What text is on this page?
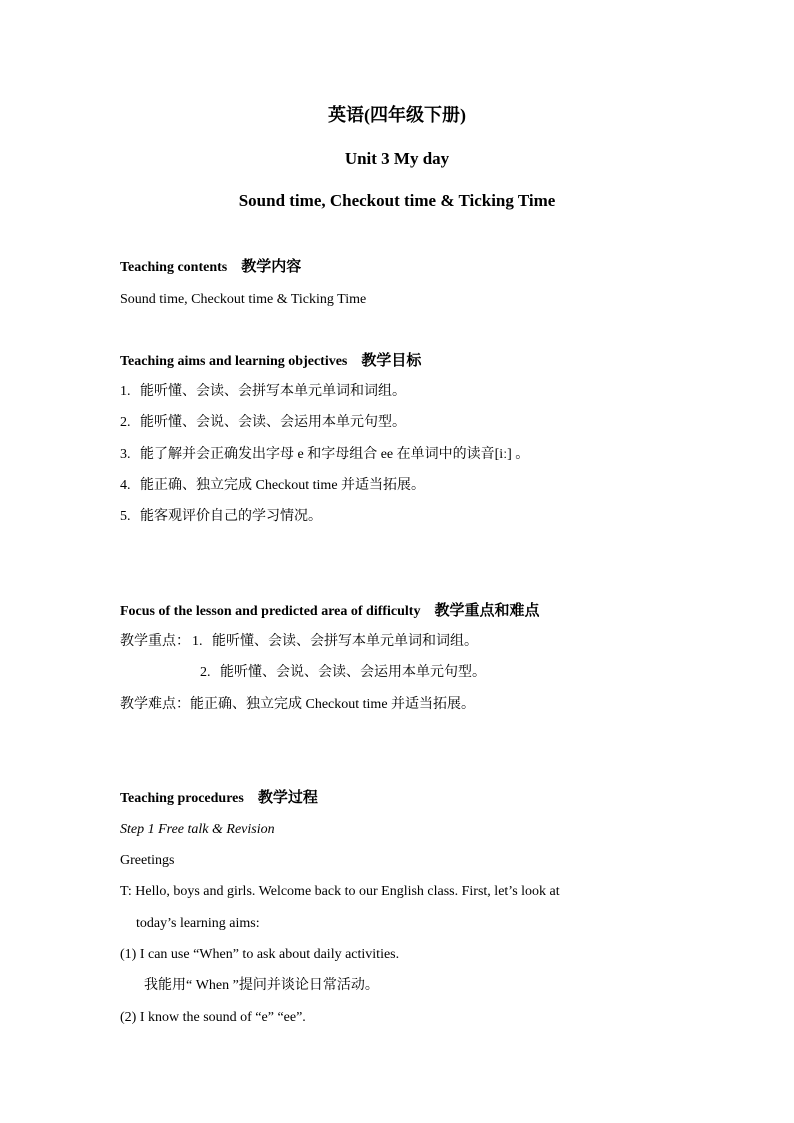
英语(四年级下册)
Unit 3 My day
Sound time, Checkout time & Ticking Time
Teaching contents 教学内容
Sound time, Checkout time & Ticking Time
Teaching aims and learning objectives 教学目标
1. 能听懂、会读、会拼写本单元单词和词组。
2. 能听懂、会说、会读、会运用本单元句型。
3. 能了解并会正确发出字母 e 和字母组合 ee 在单词中的读音[iː] 。
4. 能正确、独立完成 Checkout time 并适当拓展。
5. 能客观评价自己的学习情况。
Focus of the lesson and predicted area of difficulty 教学重点和难点
教学重点： 1. 能听懂、会读、会拼写本单元单词和词组。
2. 能听懂、会说、会读、会运用本单元句型。
教学难点：能正确、独立完成 Checkout time 并适当拓展。
Teaching procedures 教学过程
Step 1 Free talk & Revision
Greetings
T: Hello, boys and girls. Welcome back to our English class. First, let’s look at
today’s learning aims:
(1) I can use “When” to ask about daily activities.
我能用“ When ”提问并谈论日常活动。
(2) I know the sound of “e” “ee”.
